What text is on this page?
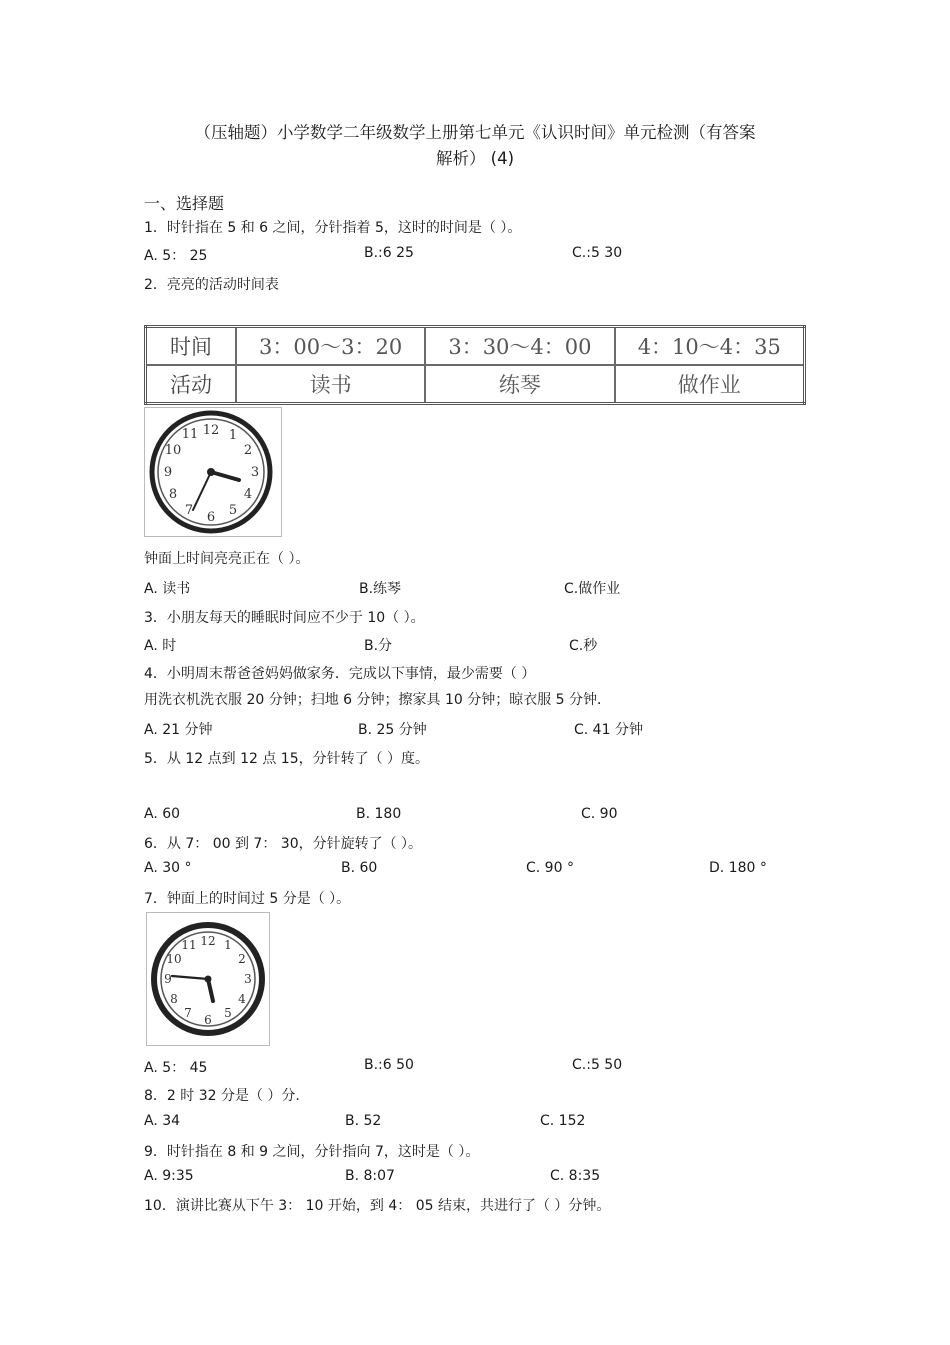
（压轴题）小学数学二年级数学上册第七单元《认识时间》单元检测（有答案
解析） (4)
一、选择题
1．时针指在 5 和 6 之间，分针指着 5，这时的时间是（ ）。
A. 5： 25	B.:6 25	C.:5 30
2．亮亮的活动时间表
时间	3：00～3：20	3：30～4：00	4：10～4：35
活动	读书	练琴	做作业
12 1
2
3
4
5
6
7
8
9
10
11
钟面上时间亮亮正在（ ）。
A. 读书	B.练琴	C.做作业
3．小朋友每天的睡眠时间应不少于 10（ ）。
A. 时	B.分	C.秒
4．小明周末帮爸爸妈妈做家务．完成以下事情，最少需要（ ）
用洗衣机洗衣服 20 分钟；扫地 6 分钟；擦家具 10 分钟；晾衣服 5 分钟．
A. 21 分钟	B. 25 分钟	C. 41 分钟
5．从 12 点到 12 点 15，分针转了（ ）度。
A. 60	B. 180	C. 90
6．从 7： 00 到 7： 30，分针旋转了（ ）。
A. 30 °	B. 60	C. 90 °	D. 180 °
7．钟面上的时间过 5 分是（ ）。
12 1
2
3
4
5
6
7
8
9
10
11
A. 5： 45	B.:6 50	C.:5 50
8．2 时 32 分是（ ）分.
A. 34	B. 52	C. 152
9．时针指在 8 和 9 之间，分针指向 7，这时是（ ）。
A. 9:35	B. 8:07	C. 8:35
10．演讲比赛从下午 3： 10 开始，到 4： 05 结束，共进行了（ ）分钟。
